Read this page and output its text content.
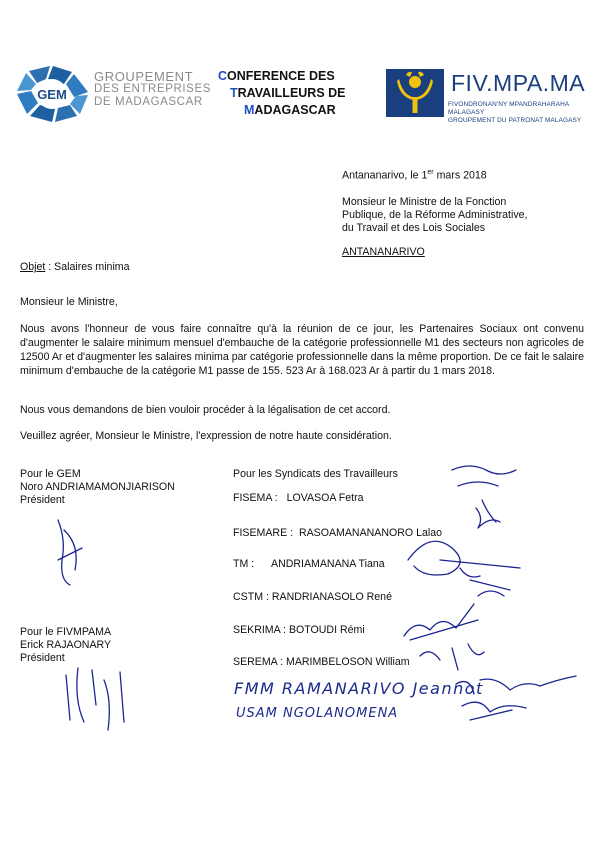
GEM
GROUPEMENT
DES ENTREPRISES
DE MADAGASCAR
CONFERENCE DES
TRAVAILLEURS DE
MADAGASCAR
FIV.MPA.MA
FIVONDRONAN'NY MPANDRAHARAHA MALAGASY
GROUPEMENT DU PATRONAT MALAGASY
Antananarivo, le 1er mars 2018
Monsieur le Ministre de la Fonction
Publique, de la Réforme Administrative,
du Travail et des Lois Sociales
ANTANANARIVO
Objet : Salaires minima
Monsieur le Ministre,
Nous avons l'honneur de vous faire connaître qu'à la réunion de ce jour, les Partenaires Sociaux ont convenu d'augmenter le salaire minimum mensuel d'embauche de la catégorie professionnelle M1 des secteurs non agricoles de 12500 Ar et d'augmenter les salaires minima par catégorie professionnelle dans la même proportion. De ce fait le salaire minimum d'embauche de la catégorie M1 passe de 155. 523 Ar à 168.023 Ar à partir du 1 mars 2018.
Nous vous demandons de bien vouloir procéder à la légalisation de cet accord.
Veuillez agréer, Monsieur le Ministre, l'expression de notre haute considération.
Pour le GEM
Noro ANDRIAMAMONJIARISON
Président
Pour le FIVMPAMA
Erick RAJAONARY
Président
Pour les Syndicats des Travailleurs
FISEMA : LOVASOA Fetra
FISEMARE : RASOAMANANANORO Lalao
TM : ANDRIAMANANA Tiana
CSTM : RANDRIANASOLO René
SEKRIMA : BOTOUDI Rémi
SEREMA : MARIMBELOSON William
FMM RAMANARIVO Jeannot
USAM NGOLANOMENA
